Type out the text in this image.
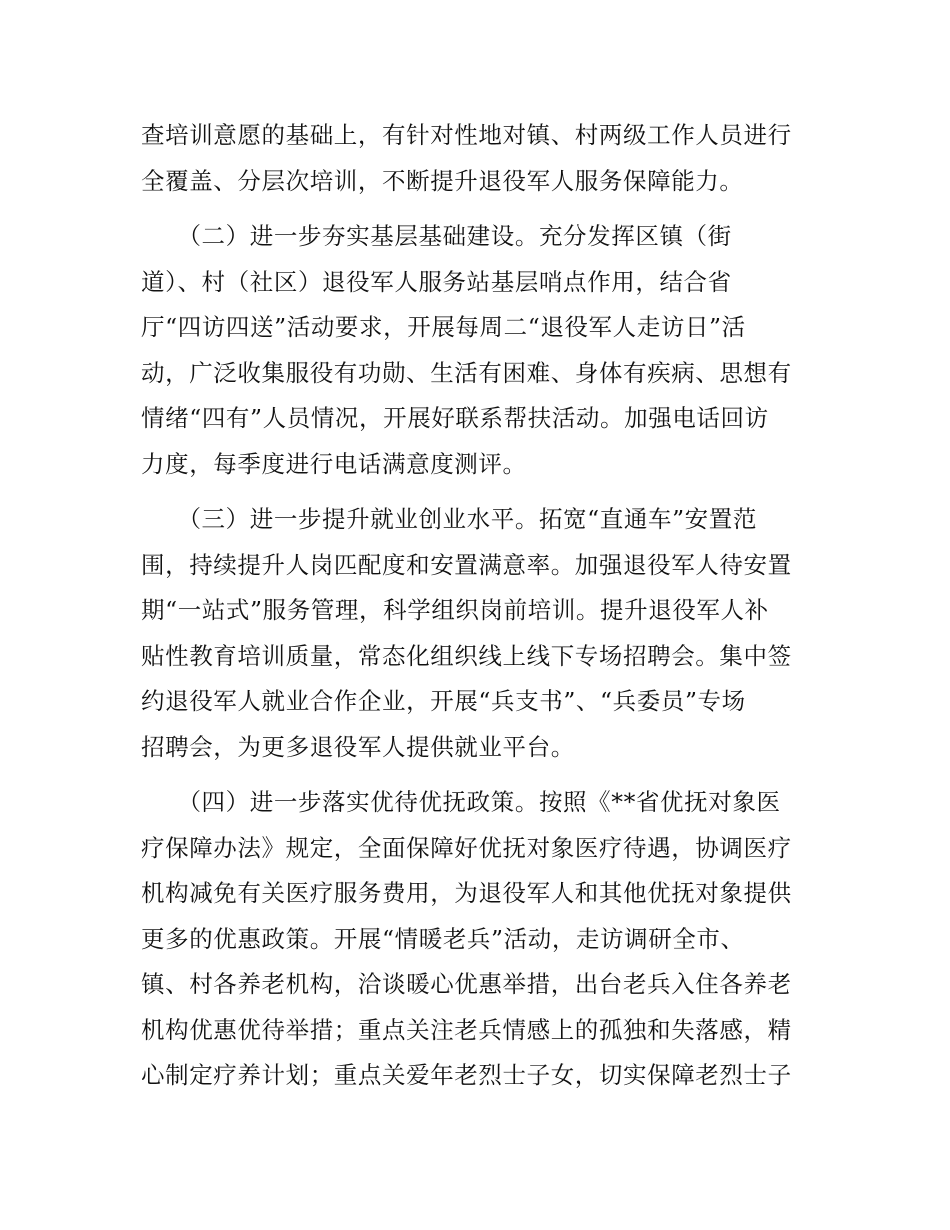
查培训意愿的基础上，有针对性地对镇、村两级工作人员进行
全覆盖、分层次培训，不断提升退役军人服务保障能力。

　　（二）进一步夯实基层基础建设。充分发挥区镇（街
道）、村（社区）退役军人服务站基层哨点作用，结合省
厅“四访四送”活动要求，开展每周二“退役军人走访日”活
动，广泛收集服役有功勋、生活有困难、身体有疾病、思想有
情绪“四有”人员情况，开展好联系帮扶活动。加强电话回访
力度，每季度进行电话满意度测评。

　　（三）进一步提升就业创业水平。拓宽“直通车”安置范
围，持续提升人岗匹配度和安置满意率。加强退役军人待安置
期“一站式”服务管理，科学组织岗前培训。提升退役军人补
贴性教育培训质量，常态化组织线上线下专场招聘会。集中签
约退役军人就业合作企业，开展“兵支书”、“兵委员”专场
招聘会，为更多退役军人提供就业平台。

　　（四）进一步落实优待优抚政策。按照《**省优抚对象医
疗保障办法》规定，全面保障好优抚对象医疗待遇，协调医疗
机构减免有关医疗服务费用，为退役军人和其他优抚对象提供
更多的优惠政策。开展“情暖老兵”活动，走访调研全市、
镇、村各养老机构，洽谈暖心优惠举措，出台老兵入住各养老
机构优惠优待举措；重点关注老兵情感上的孤独和失落感，精
心制定疗养计划；重点关爱年老烈士子女，切实保障老烈士子
